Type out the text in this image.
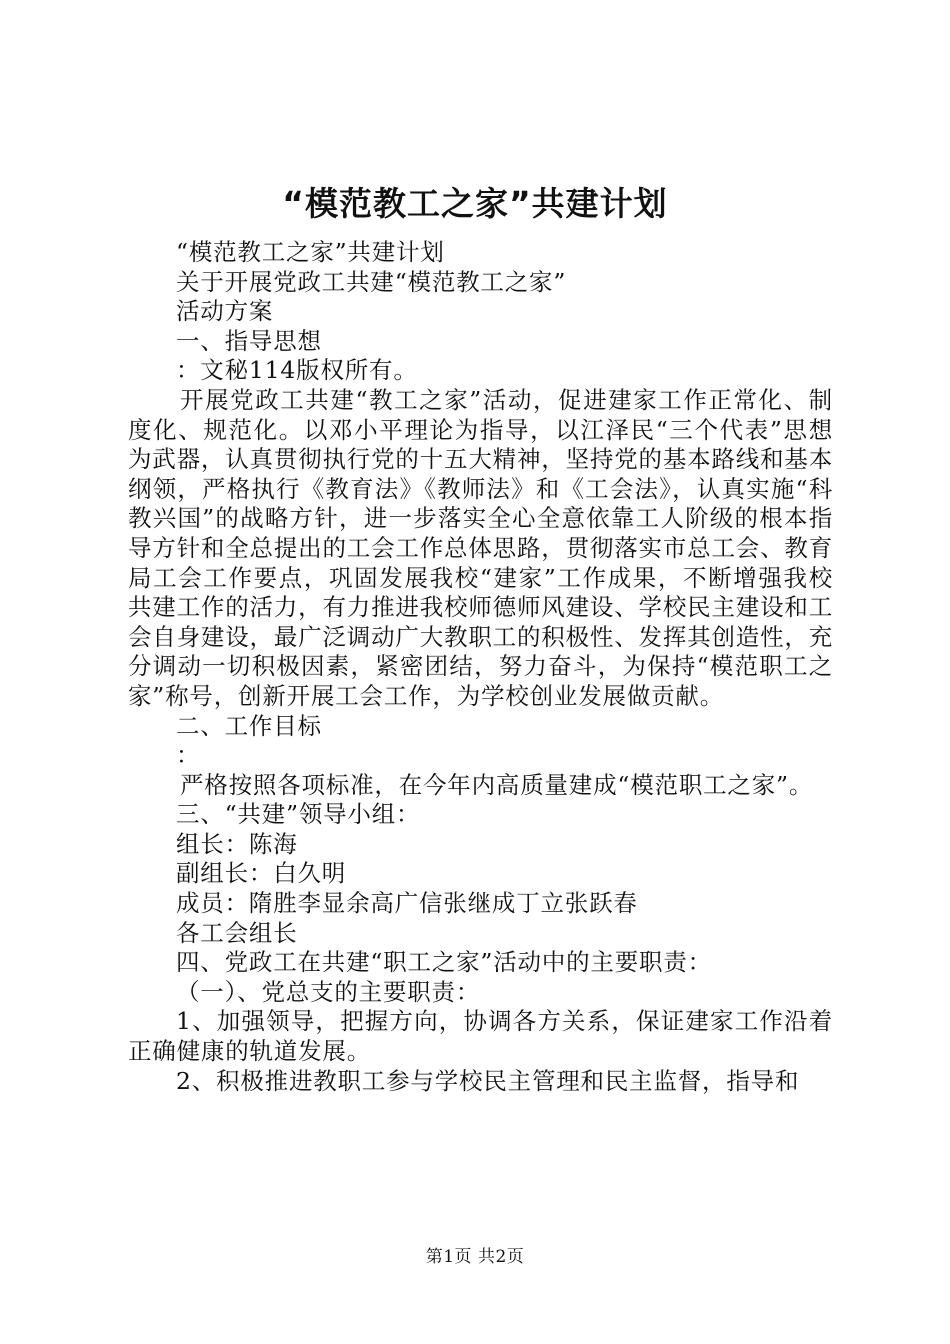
“模范教工之家”共建计划

“模范教工之家”共建计划

关于开展党政工共建“模范教工之家”

活动方案

一、指导思想

：文秘114版权所有。

开展党政工共建“教工之家”活动，促进建家工作正常化、制度化、规范化。以邓小平理论为指导，以江泽民“三个代表”思想为武器，认真贯彻执行党的十五大精神，坚持党的基本路线和基本纲领，严格执行《教育法》《教师法》和《工会法》，认真实施“科教兴国”的战略方针，进一步落实全心全意依靠工人阶级的根本指导方针和全总提出的工会工作总体思路，贯彻落实市总工会、教育局工会工作要点，巩固发展我校“建家”工作成果，不断增强我校共建工作的活力，有力推进我校师德师风建设、学校民主建设和工会自身建设，最广泛调动广大教职工的积极性、发挥其创造性，充分调动一切积极因素，紧密团结，努力奋斗，为保持“模范职工之家”称号，创新开展工会工作，为学校创业发展做贡献。

二、工作目标

：

严格按照各项标准，在今年内高质量建成“模范职工之家”。

三、“共建”领导小组：

组长：陈海

副组长：白久明

成员：隋胜李显余高广信张继成丁立张跃春

各工会组长

四、党政工在共建“职工之家”活动中的主要职责：

（一）、党总支的主要职责：

1、加强领导，把握方向，协调各方关系，保证建家工作沿着正确健康的轨道发展。

2、积极推进教职工参与学校民主管理和民主监督，指导和

第1页 共2页
